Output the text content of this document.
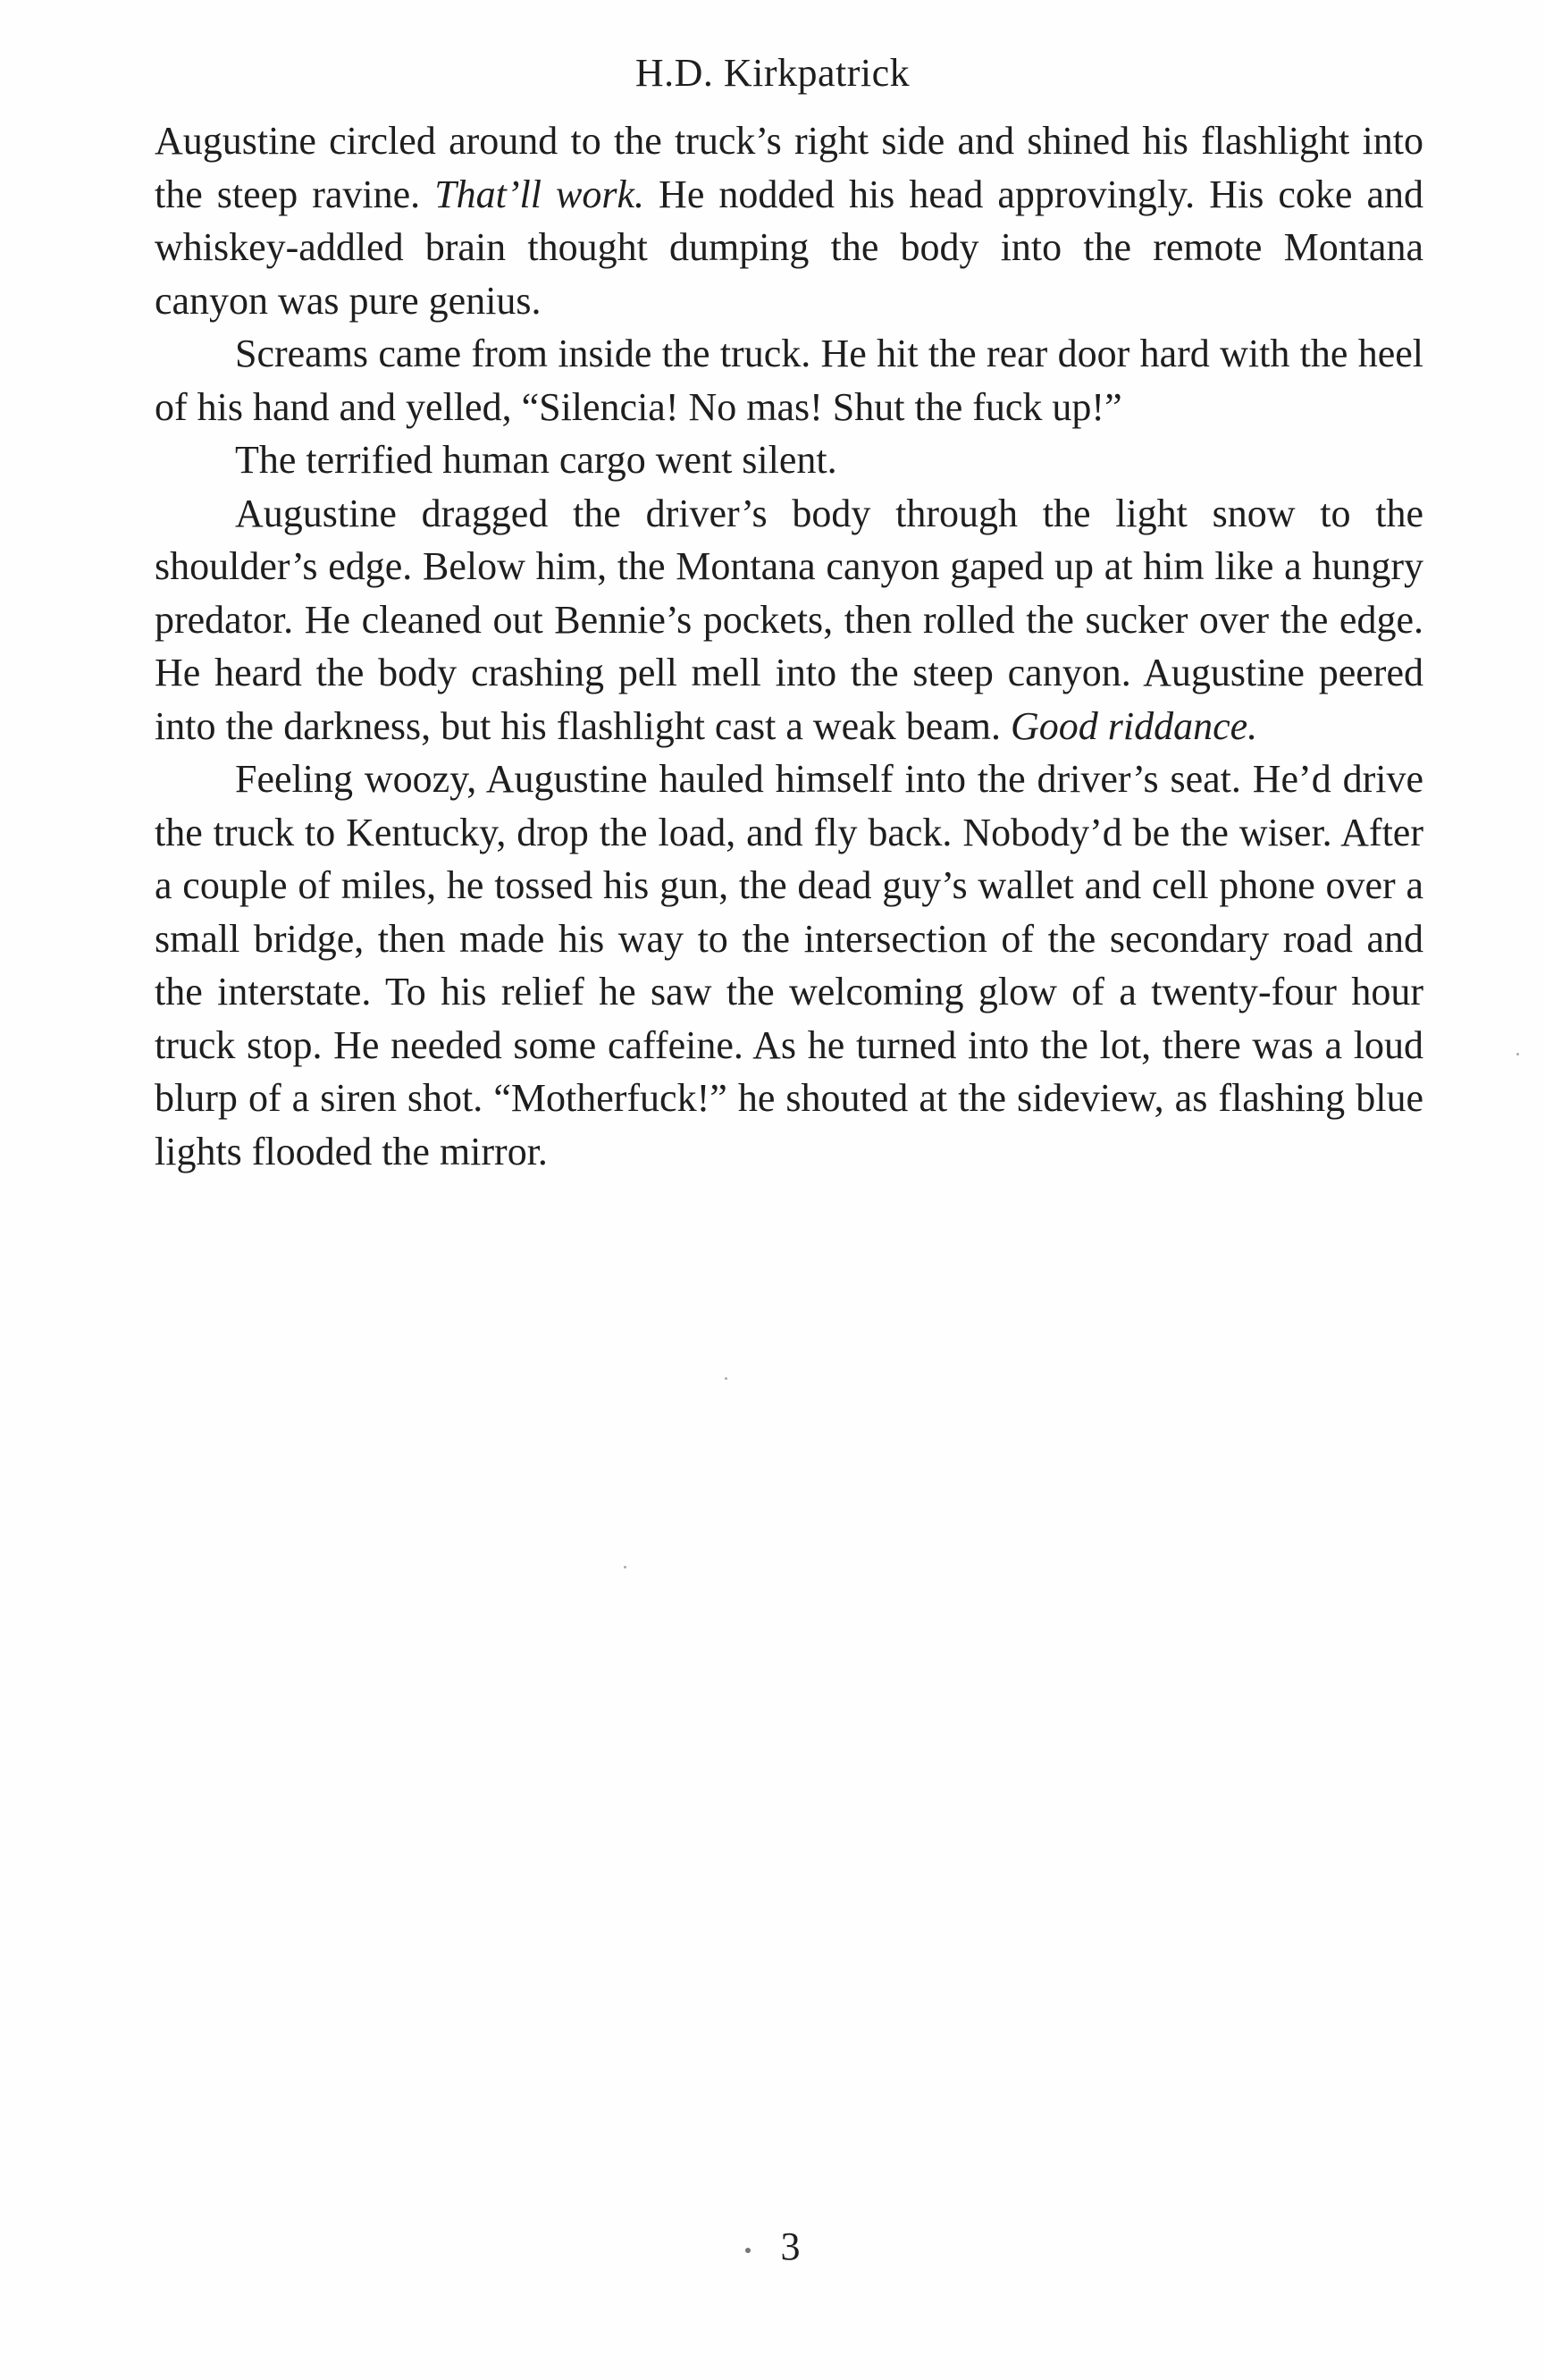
H.D. Kirkpatrick

Augustine circled around to the truck’s right side and shined his flashlight into the steep ravine. That’ll work. He nodded his head approvingly. His coke and whiskey-addled brain thought dumping the body into the remote Montana canyon was pure genius.

Screams came from inside the truck. He hit the rear door hard with the heel of his hand and yelled, “Silencia! No mas! Shut the fuck up!”

The terrified human cargo went silent.

Augustine dragged the driver’s body through the light snow to the shoulder’s edge. Below him, the Montana canyon gaped up at him like a hungry predator. He cleaned out Bennie’s pockets, then rolled the sucker over the edge. He heard the body crashing pell mell into the steep canyon. Augustine peered into the darkness, but his flashlight cast a weak beam. Good riddance.

Feeling woozy, Augustine hauled himself into the driver’s seat. He’d drive the truck to Kentucky, drop the load, and fly back. Nobody’d be the wiser. After a couple of miles, he tossed his gun, the dead guy’s wallet and cell phone over a small bridge, then made his way to the intersection of the secondary road and the interstate. To his relief he saw the welcoming glow of a twenty-four hour truck stop. He needed some caffeine. As he turned into the lot, there was a loud blurp of a siren shot. “Motherfuck!” he shouted at the sideview, as flashing blue lights flooded the mirror.

3
